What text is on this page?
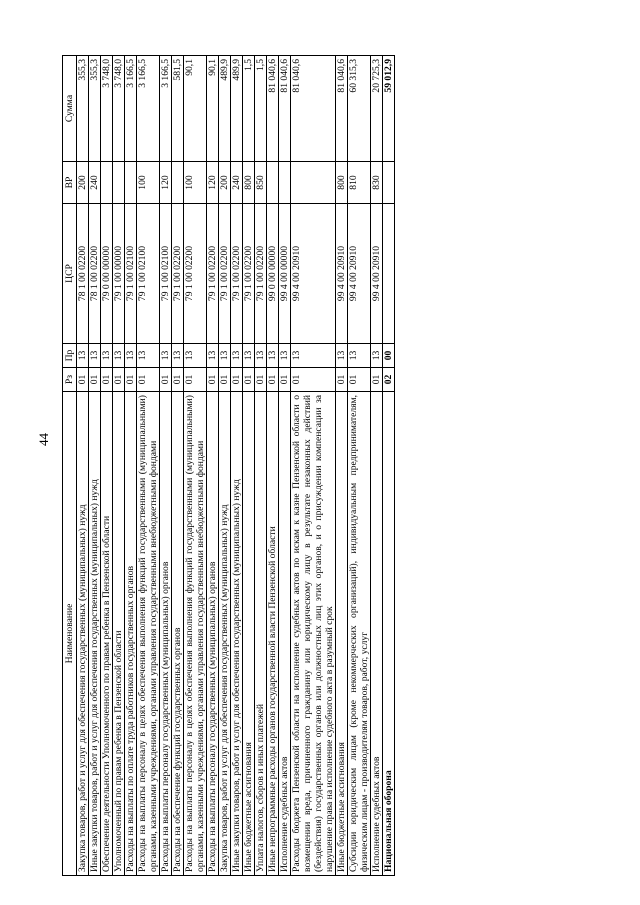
44
Наименование	Рз	Пр	ЦСР	ВР	Сумма
Закупка товаров, работ и услуг для обеспечения государственных (муниципальных) нужд	01	13	78 1 00 02200	200	355,3
Иные закупки товаров, работ и услуг для обеспечения государственных (муниципальных) нужд	01	13	78 1 00 02200	240	355,3
Обеспечение деятельности Уполномоченного по правам ребенка в Пензенской области	01	13	79 0 00 00000		3 748,0
Уполномоченный по правам ребенка в Пензенской области	01	13	79 1 00 00000		3 748,0
Расходы на выплаты по оплате труда работников государственных органов	01	13	79 1 00 02100		3 166,5
Расходы на выплаты персоналу в целях обеспечения выполнения функций государственными (муниципальными) органами, казенными учреждениями, органами управления государственными внебюджетными фондами	01	13	79 1 00 02100	100	3 166,5
Расходы на выплаты персоналу государственных (муниципальных) органов	01	13	79 1 00 02100	120	3 166,5
Расходы на обеспечение функций государственных органов	01	13	79 1 00 02200		581,5
Расходы на выплаты персоналу в целях обеспечения выполнения функций государственными (муниципальными) органами, казенными учреждениями, органами управления государственными внебюджетными фондами	01	13	79 1 00 02200	100	90,1
Расходы на выплаты персоналу государственных (муниципальных) органов	01	13	79 1 00 02200	120	90,1
Закупка товаров, работ и услуг для обеспечения государственных (муниципальных) нужд	01	13	79 1 00 02200	200	489,9
Иные закупки товаров, работ и услуг для обеспечения государственных (муниципальных) нужд	01	13	79 1 00 02200	240	489,9
Иные бюджетные ассигнования	01	13	79 1 00 02200	800	1,5
Уплата налогов, сборов и иных платежей	01	13	79 1 00 02200	850	1,5
Иные непрограммные расходы органов государственной власти Пензенской области	01	13	99 0 00 00000		81 040,6
Исполнение судебных актов	01	13	99 4 00 00000		81 040,6
Расходы бюджета Пензенской области на исполнение судебных актов по искам к казне Пензенской области о возмещении вреда, причиненного гражданину или юридическому лицу в результате незаконных действий (бездействия) государственных органов или должностных лиц этих органов, и о присуждении компенсации за нарушение права на исполнение судебного акта в разумный срок	01	13	99 4 00 20910		81 040,6
Иные бюджетные ассигнования	01	13	99 4 00 20910	800	81 040,6
Субсидии юридическим лицам (кроме некоммерческих организаций), индивидуальным предпринимателям, физическим лицам - производителям товаров, работ, услуг	01	13	99 4 00 20910	810	60 315,3
Исполнение судебных актов	01	13	99 4 00 20910	830	20 725,3
Национальная оборона	02	00			59 012,9
